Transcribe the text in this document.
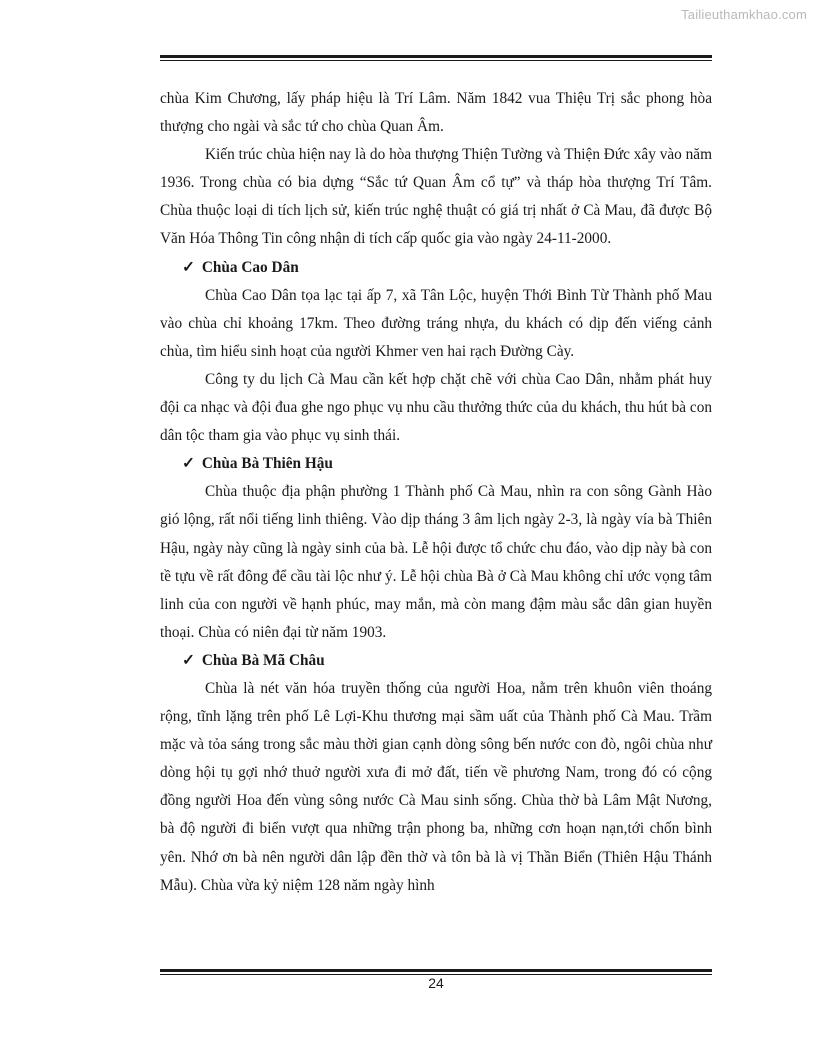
Tailieuthamkhao.com

chùa Kim Chương, lấy pháp hiệu là Trí Lâm. Năm 1842 vua Thiệu Trị sắc phong hòa thượng cho ngài và sắc tứ cho chùa Quan Âm.

Kiến trúc chùa hiện nay là do hòa thượng Thiện Tường và Thiện Đức xây vào năm 1936. Trong chùa có bia dựng “Sắc tứ Quan Âm cổ tự” và tháp hòa thượng Trí Tâm. Chùa thuộc loại di tích lịch sử, kiến trúc nghệ thuật có giá trị nhất ở Cà Mau, đã được Bộ Văn Hóa Thông Tin công nhận di tích cấp quốc gia vào ngày 24-11-2000.

✓ Chùa Cao Dân

Chùa Cao Dân tọa lạc tại ấp 7, xã Tân Lộc, huyện Thới Bình Từ Thành phố Mau vào chùa chỉ khoảng 17km. Theo đường tráng nhựa, du khách có dịp đến viếng cảnh chùa, tìm hiểu sinh hoạt của người Khmer ven hai rạch Đường Cày.

Công ty du lịch Cà Mau cần kết hợp chặt chẽ với chùa Cao Dân, nhằm phát huy đội ca nhạc và đội đua ghe ngo phục vụ nhu cầu thưởng thức của du khách, thu hút bà con dân tộc tham gia vào phục vụ sinh thái.

✓ Chùa Bà Thiên Hậu

Chùa thuộc địa phận phường 1 Thành phố Cà Mau, nhìn ra con sông Gành Hào gió lộng, rất nổi tiếng linh thiêng. Vào dịp tháng 3 âm lịch ngày 2-3, là ngày vía bà Thiên Hậu, ngày này cũng là ngày sinh của bà. Lễ hội được tổ chức chu đáo, vào dịp này bà con tề tựu về rất đông để cầu tài lộc như ý. Lễ hội chùa Bà ở Cà Mau không chỉ ước vọng tâm linh của con người về hạnh phúc, may mắn, mà còn mang đậm màu sắc dân gian huyền thoại. Chùa có niên đại từ năm 1903.

✓ Chùa Bà Mã Châu

Chùa là nét văn hóa truyền thống của người Hoa, nằm trên khuôn viên thoáng rộng, tĩnh lặng trên phố Lê Lợi-Khu thương mại sầm uất của Thành phố Cà Mau. Trầm mặc và tỏa sáng trong sắc màu thời gian cạnh dòng sông bến nước con đò, ngôi chùa như dòng hội tụ gợi nhớ thuở người xưa đi mở đất, tiến về phương Nam, trong đó có cộng đồng người Hoa đến vùng sông nước Cà Mau sinh sống. Chùa thờ bà Lâm Mật Nương, bà độ người đi biển vượt qua những trận phong ba, những cơn hoạn nạn,tới chốn bình yên. Nhớ ơn bà nên người dân lập đền thờ và tôn bà là vị Thần Biển (Thiên Hậu Thánh Mẫu). Chùa vừa kỷ niệm 128 năm ngày hình

24
